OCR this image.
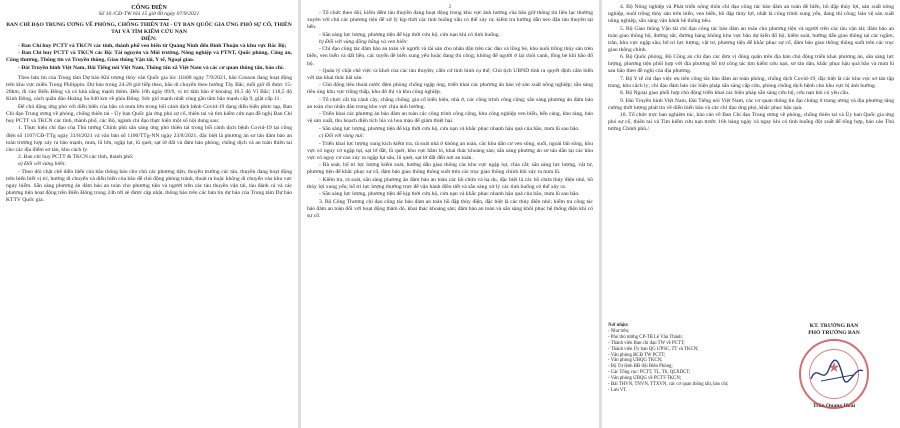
CÔNG ĐIỆN
Số 10 /CĐ-TW hồi 15 giờ 00 ngày 07/9/2021
BAN CHỈ ĐẠO TRUNG ƯƠNG VỀ PHÒNG, CHỐNG THIÊN TAI - ỦY BAN QUỐC GIA ỨNG PHÓ SỰ CỐ, THIÊN TAI VÀ TÌM KIẾM CỨU NẠN
ĐIỆN:

- Ban Chỉ huy PCTT và TKCN các tỉnh, thành phố ven biển từ Quảng Ninh đến Bình Thuận và khu vực Bắc Bộ;

- Ban Chỉ huy PCTT và TKCN các Bộ: Tài nguyên và Môi trường, Nông nghiệp và PTNT, Quốc phòng, Công an, Công thương, Thông tin và Truyền thông, Giao thông Vận tải, Y tế, Ngoại giao.

- Đài Truyền hình Việt Nam, Đài Tiếng nói Việt Nam, Thông tấn xã Việt Nam và các cơ quan thông tấn, báo chí.

Theo bản tin của Trung tâm Dự báo Khí tượng thủy văn Quốc gia lúc 11h00 ngày 7/9/2021, bão Conson đang hoạt động trên khu vực miền Trung Philippin. Dự báo trong 24-28 giờ tiếp theo, bão di chuyển theo hướng Tây Bắc, mỗi giờ đi được 15-20km, đi vào Biển Đông và có khả năng mạnh thêm. Đến 10h ngày 09/9, vị trí tâm bão ở khoảng 16,5 độ Vĩ Bắc; 118,5 độ Kinh Đông, cách quần đảo Hoàng Sa 640 km về phía Đông. Sức gió mạnh nhất vùng gần tâm bão mạnh cấp 9, giật cấp 11.

Để chủ động ứng phó với diễn biến của bão và mưa lớn trong bối cảnh dịch bệnh Covid-19 đang diễn biến phức tạp, Ban Chỉ đạo Trung ương về phòng, chống thiên tai - Ủy ban Quốc gia ứng phó sự cố, thiên tai và tìm kiếm cứu nạn đề nghị Ban Chỉ huy PCTT và TKCN các tỉnh, thành phố, các Bộ, ngành chỉ đạo thực hiện một số nội dung sau:

1. Thực hiện chỉ đạo của Thủ tướng Chính phủ sẵn sàng ứng phó thiên tai trong bối cảnh dịch bệnh Covid-19 tại công điện số 1107/CĐ-TTg ngày 31/8/2021 và văn bản số 1100/TTg-NN ngày 23/8/2021, đặc biệt là phương án sơ tán đảm bảo an toàn trường hợp xảy ra bão mạnh, mưa, lũ lớn, ngập lụt, lũ quét, sạt lở đất và đảm bảo phòng, chống dịch và an toàn thiên tai cho các địa điểm sơ tán, khu cách ly.

2. Ban chỉ huy PCTT & TKCN các tỉnh, thành phố:

a) Đối với vùng biển:

- Theo dõi chặt chẽ diễn biến của bão thông báo cho chủ các phương tiện, thuyền trưởng các tàu, thuyền đang hoạt động trên biển biết vị trí, hướng di chuyển và diễn biến của bão để chủ động phòng tránh, thoát ra hoặc không di chuyển vào khu vực nguy hiểm. Sẵn sàng phương án đảm bảo an toàn cho phương tiện và người trên các tàu thuyền vận tải, tàu đánh cá và các phương tiện hoạt động trên Biển Đông trong 24h tới sẽ được cập nhật, thông báo trên các bản tin dự báo của Trung tâm Dự báo KTTV Quốc gia.

2

- Tổ chức theo dõi, kiểm đếm tàu thuyền đang hoạt động trong khu vực ảnh hưởng của bão giữ thông tin liên lạc thường xuyên với chủ các phương tiện để xử lý kịp thời các tình huống xấu có thể xảy ra; kiểm tra hướng dẫn neo đậu tàu thuyền tại bến.

- Sẵn sàng lực lượng, phương tiện để kịp thời cứu hộ, cứu nạn khi có tình huống.

b) Đối với vùng đồng bằng và ven biển:

- Chỉ đạo công tác đảm bảo an toàn về người và tài sản cho nhân dân trên các đảo và lồng bè, khu nuôi trồng thủy sản trên biển, ven biển và dất liền, các tuyến đê biển xung yếu hoặc đang thi công; không để người ở lại chòi canh, lồng bè khi bão đổ bộ.

- Quản lý chặt chẽ việc ra khơi của các tàu thuyền; cấm cứ tình hình cụ thể, Chủ tịch UBND tỉnh ra quyết định cấm biển với tàu khai thác hải sản.

- Chủ động tiêu thoát nước đệm phòng chống ngập úng, triển khai các phương án bảo vệ sản xuất nông nghiệp; sẵn sàng tiêu úng khu vực trũng thấp, khu đô thị và khu công nghiệp.

- Tổ chức cắt tỉa cành cây, chằng chống, gia cố biển hiệu, nhà ở, các công trình công cộng; sẵn sàng phương án đảm bảo an toàn cho nhân dân trong khu vực chịu ảnh hưởng.

- Triển khai các phương án bảo đảm an toàn các công trình công cộng, khu công nghiệp ven biển, bến cảng, kho tàng, bảo vệ sản xuất, thu hoạch diện tích lúa và hoa màu để giảm thiệt hại.

- Sẵn sàng lực lượng, phương tiện để kịp thời cứu hộ, cứu nạn và khắc phục nhanh hậu quả của bão, mưa lũ sau bão.

c) Đối với vùng núi:

- Triển khai lực lượng xung kích kiểm tra, rà soát nhà ở không an toàn, các khu dân cư ven sông, suối, ngoài bãi sông, khu vực có nguy cơ ngập lụt, sạt lở đất, lũ quét, khu vực hầm lò, khai thác khoáng sản; sẵn sàng phương án sơ tán dân tại các khu vực có nguy cơ cao xảy ra ngập lụt sâu, lũ quét, sạt lở đất đến nơi an toàn.

- Rà soát, bố trí lực lượng kiểm soát, hướng dẫn giao thông các khu vực ngập lụt, chia cắt; sẵn sàng lực lượng, vật tư, phương tiện để khắc phục sự cố, đảm bảo giao thông thông suốt trên các trục giao thông chính khi xảy ra mưa lũ.

- Kiểm tra, rà soát, sẵn sàng phương án đảm bảo an toàn các hồ chứa và hạ du, đặc biệt là các hồ chứa thủy điện nhỏ, hồ thủy lợi xung yếu; bố trí lực lượng thường trực để vận hành điều tiết và sẵn sàng xử lý các tình huống có thể xảy ra.

- Sẵn sàng lực lượng, phương tiện để kịp thời cứu hộ, cứu nạn và khắc phục nhanh hậu quả của bão, mưa lũ sau bão.

3. Bộ Công Thương chỉ đạo công tác bảo đảm an toàn hồ đập thủy điện, đặc biệt là các thủy điện nhỏ; kiểm tra công tác bảo đảm an toàn đối với hoạt động thăm dò, khai thác khoáng sản; đảm bảo an toàn và sẵn sàng khôi phục hệ thống điện khi có sự cố.

4. Bộ Nông nghiệp và Phát triển nông thôn chỉ đạo công tác bảo đảm an toàn đê biển, hồ đập thủy lợi, sản xuất nông nghiệp, nuôi trồng thủy sản trên biển, ven biển, hồ đập thủy lợi, nhất là công trình xung yếu, đang thi công; bảo vệ sản xuất nông nghiệp, sẵn sàng vận hành hệ thống tiêu.

5. Bộ Giao thông Vận tải chỉ đạo công tác bảo đảm an toàn cho phương tiện và người trên các tàu vận tải; đảm bảo an toàn giao thông bộ, đường sắt, đường hàng không khu vực bão dự kiến đổ bộ; kiểm soát, hướng dẫn giao thông tại các ngầm, tràn, khu vực ngập sâu; bố trí lực lượng, vật tư, phương tiện để khắc phục sự cố, đảm bảo giao thông thông suốt trên các trục giao thông chính.

6. Bộ Quốc phòng, Bộ Công an chỉ đạo các đơn vị đóng quân trên địa bàn chủ động triển khai phương án, sẵn sàng lực lượng, phương tiện phối hợp với địa phương hỗ trợ công tác tìm kiếm cứu nạn, sơ tán dân, khắc phục hậu quả bão và mưa lũ sau bão theo đề nghị của địa phương.

7. Bộ Y tế chỉ đạo việc ưu tiên công tác bảo đảm an toàn phòng, chống dịch Covid-19, đặc biệt là các khu vực sơ tán tập trung, khu cách ly; chỉ đạo đảm bảo các biện pháp sẵn sàng cấp cứu, phòng chống dịch bệnh cho khu vực bị ảnh hưởng.

8. Bộ Ngoại giao phối hợp chủ động triển khai các biện pháp sẵn sàng cứu hộ, cứu nạn khi có yêu cầu.

9. Đài Truyền hình Việt Nam, Đài Tiếng nói Việt Nam, các cơ quan thông tin đại chúng ở trung ương và địa phương tăng cường thời lượng phát tin về diễn biến bão và các chỉ đạo ứng phó, khắc phục hậu quả.

10. Tổ chức trực ban nghiêm túc, báo cáo về Ban Chỉ đạo Trung ương về phòng, chống thiên tai và Ủy ban Quốc gia ứng phó sự cố, thiên tai và Tìm kiếm cứu nạn trước 16h hàng ngày và ngay khi có tình huống đột xuất để tổng hợp, báo cáo Thủ tướng Chính phủ./.

Nơi nhận:
- Như trên;
- Phó thủ tướng CP-TB Lê Văn Thành;
- Thành viên Ban chỉ đạo TW về PCTT;
- Thành viên Ủy ban QG ƯPSC, TT và TKCN;
- Văn phòng BCĐ TW PCTT;
- Văn phòng ƯBQG TKCN;
- Bộ Tư lệnh BĐ đội Biên Phòng;
- Các Tổng cục: PCTT, TL, TS, QLXDCT;
- Văn phòng ƯBQG về PCTT-TKCN;
- Đài THVN, TNVN, TTXVN, các cơ quan thông tấn, báo chí;
- Lưu VT.
KT. TRƯỞNG BAN
PHÓ TRƯỞNG BAN
★
Trần Quang Hoài
